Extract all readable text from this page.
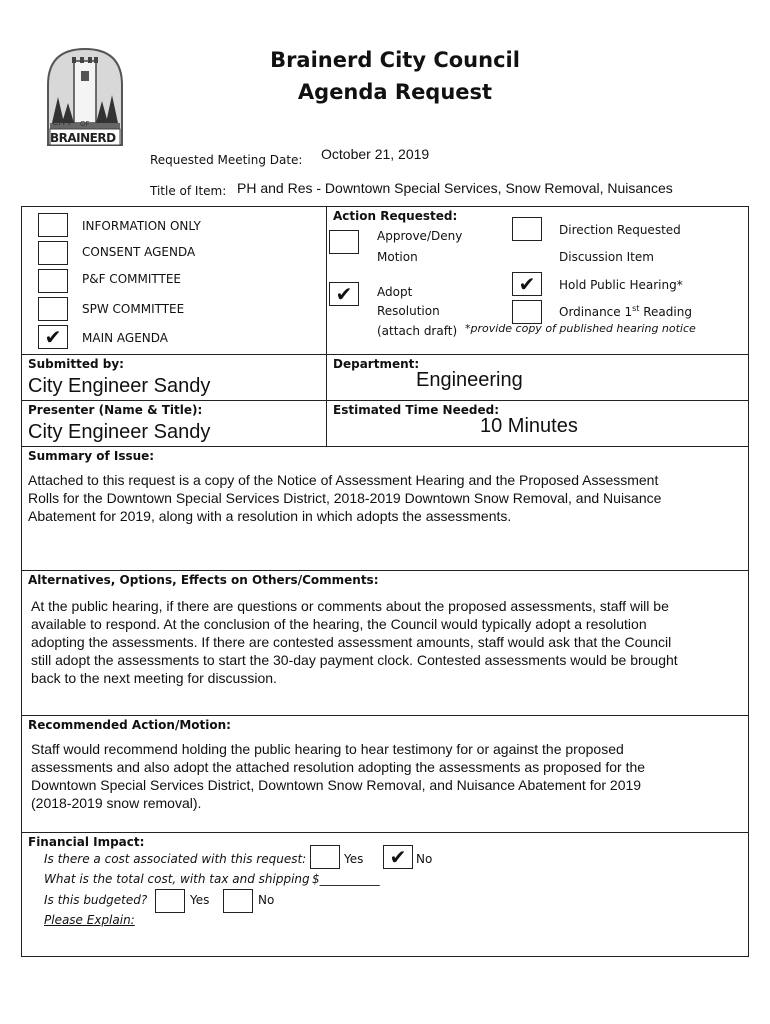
CITY OF
BRAINERD
Brainerd City Council
Agenda Request
Requested Meeting Date: October 21, 2019
Title of Item: PH and Res - Downtown Special Services, Snow Removal, Nuisances
INFORMATION ONLY
CONSENT AGENDA
P&F COMMITTEE
SPW COMMITTEE
✔	MAIN AGENDA
Action Requested:
Approve/Deny
Motion
✔	Adopt
Resolution
(attach draft)
Direction Requested
Discussion Item
✔	Hold Public Hearing*
Ordinance 1st Reading
*provide copy of published hearing notice
Submitted by:
City Engineer Sandy
Department:
Engineering
Presenter (Name & Title):
City Engineer Sandy
Estimated Time Needed:
10 Minutes
Summary of Issue:
Attached to this request is a copy of the Notice of Assessment Hearing and the Proposed Assessment
Rolls for the Downtown Special Services District, 2018-2019 Downtown Snow Removal, and Nuisance
Abatement for 2019, along with a resolution in which adopts the assessments.
Alternatives, Options, Effects on Others/Comments:
At the public hearing, if there are questions or comments about the proposed assessments, staff will be
available to respond. At the conclusion of the hearing, the Council would typically adopt a resolution
adopting the assessments. If there are contested assessment amounts, staff would ask that the Council
still adopt the assessments to start the 30-day payment clock. Contested assessments would be brought
back to the next meeting for discussion.
Recommended Action/Motion:
Staff would recommend holding the public hearing to hear testimony for or against the proposed
assessments and also adopt the attached resolution adopting the assessments as proposed for the
Downtown Special Services District, Downtown Snow Removal, and Nuisance Abatement for 2019
(2018-2019 snow removal).
Financial Impact:
Is there a cost associated with this request:	Yes	✔ No
What is the total cost, with tax and shipping $__________
Is this budgeted?	Yes	No
Please Explain:
